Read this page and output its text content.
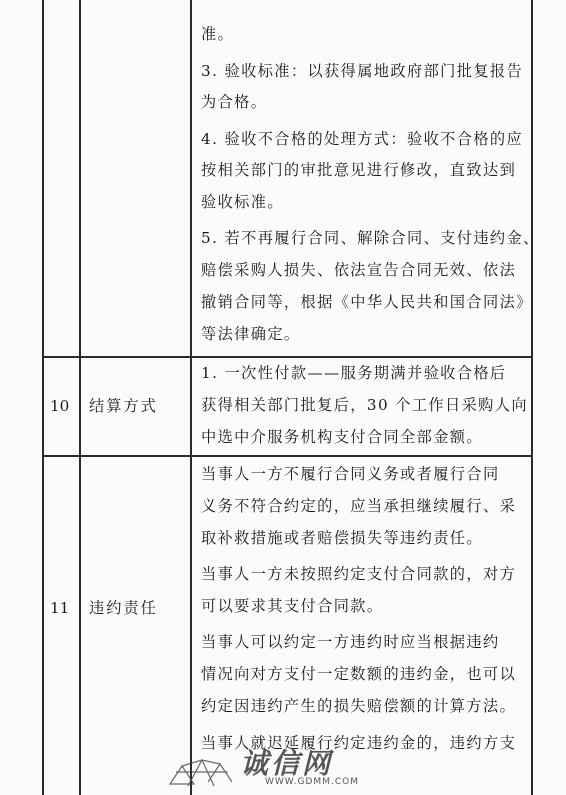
准。
3. 验收标准：以获得属地政府部门批复报告
为合格。
4. 验收不合格的处理方式：验收不合格的应
按相关部门的审批意见进行修改，直致达到
验收标准。
5. 若不再履行合同、解除合同、支付违约金、
赔偿采购人损失、依法宣告合同无效、依法
撤销合同等，根据《中华人民共和国合同法》
等法律确定。
10 结算方式
1. 一次性付款——服务期满并验收合格后
获得相关部门批复后，30 个工作日采购人向
中选中介服务机构支付合同全部金额。
11 违约责任
当事人一方不履行合同义务或者履行合同
义务不符合约定的，应当承担继续履行、采
取补救措施或者赔偿损失等违约责任。
当事人一方未按照约定支付合同款的，对方
可以要求其支付合同款。
当事人可以约定一方违约时应当根据违约
情况向对方支付一定数额的违约金，也可以
约定因违约产生的损失赔偿额的计算方法。
当事人就迟延履行约定违约金的，违约方支
诚信网
WWW.GDMM.COM
